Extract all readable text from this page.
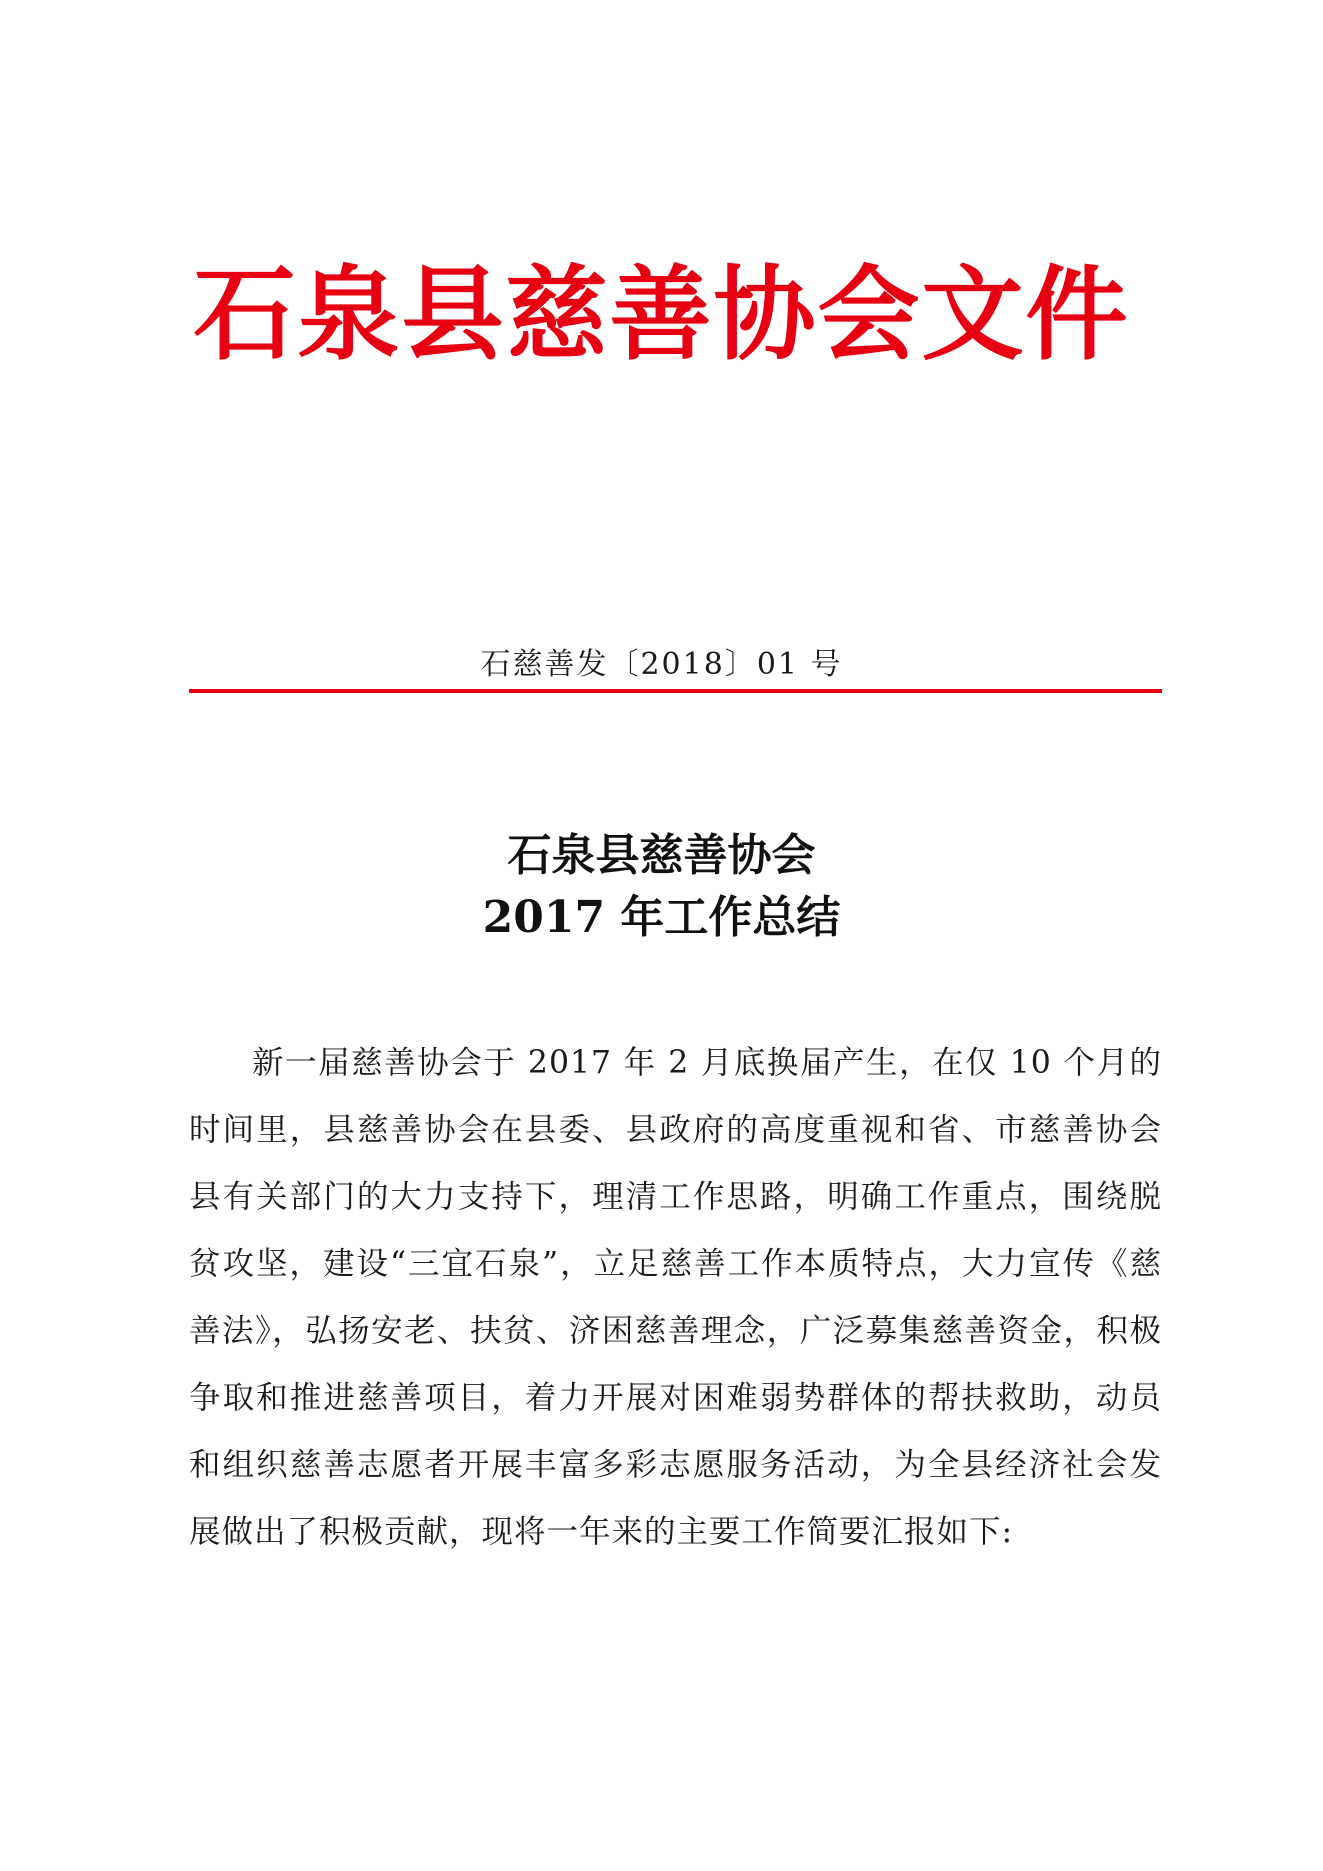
石泉县慈善协会文件
石慈善发〔2018〕01 号
石泉县慈善协会
2017 年工作总结

新一届慈善协会于 2017 年 2 月底换届产生，在仅 10 个月的时间里，县慈善协会在县委、县政府的高度重视和省、市慈善协会县有关部门的大力支持下，理清工作思路，明确工作重点，围绕脱贫攻坚，建设“三宜石泉”，立足慈善工作本质特点，大力宣传《慈善法》，弘扬安老、扶贫、济困慈善理念，广泛募集慈善资金，积极争取和推进慈善项目，着力开展对困难弱势群体的帮扶救助，动员和组织慈善志愿者开展丰富多彩志愿服务活动，为全县经济社会发展做出了积极贡献，现将一年来的主要工作简要汇报如下:
